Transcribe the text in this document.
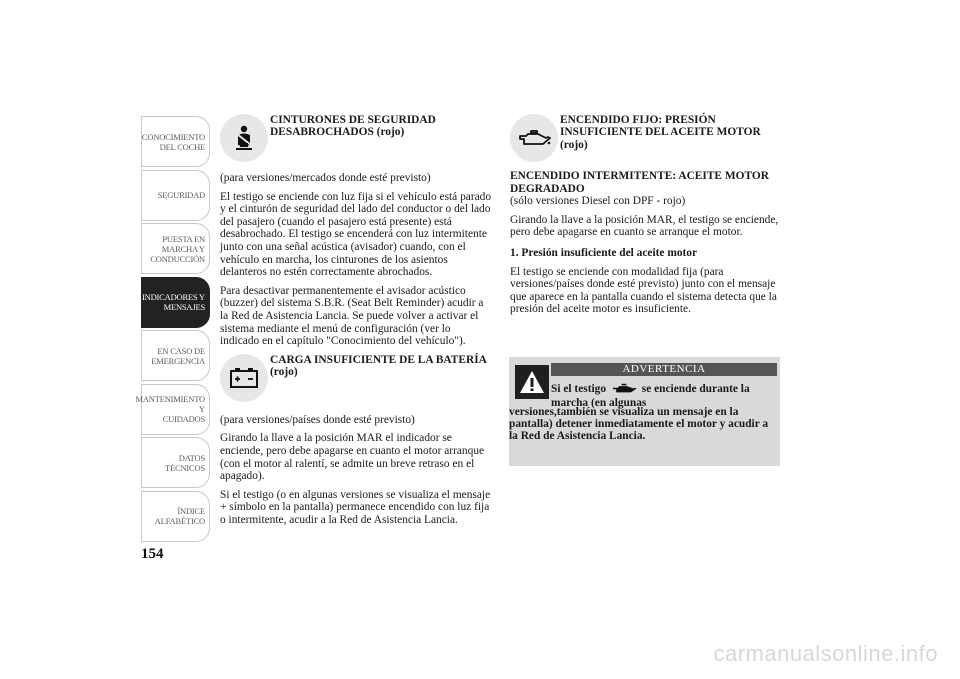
CONOCIMIENTO
DEL COCHE
SEGURIDAD
PUESTA EN
MARCHA Y
CONDUCCIÓN
INDICADORES Y
MENSAJES
EN CASO DE
EMERGENCIA
MANTENIMIENTO Y
CUIDADOS
DATOS TÉCNICOS
ÍNDICE
ALFABÉTICO
154
CINTURONES DE SEGURIDAD DESABROCHADOS (rojo)

(para versiones/mercados donde esté previsto)

El testigo se enciende con luz fija si el vehículo está parado y el cinturón de seguridad del lado del conductor o del lado del pasajero (cuando el pasajero está presente) está desabrochado. El testigo se encenderá con luz intermitente junto con una señal acústica (avisador) cuando, con el vehículo en marcha, los cinturones de los asientos delanteros no estén correctamente abrochados.

Para desactivar permanentemente el avisador acústico (buzzer) del sistema S.B.R. (Seat Belt Reminder) acudir a la Red de Asistencia Lancia. Se puede volver a activar el sistema mediante el menú de configuración (ver lo indicado en el capítulo "Conocimiento del vehículo").

CARGA INSUFICIENTE DE LA BATERÍA (rojo)

(para versiones/países donde esté previsto)

Girando la llave a la posición MAR el indicador se enciende, pero debe apagarse en cuanto el motor arranque (con el motor al ralentí, se admite un breve retraso en el apagado).

Si el testigo (o en algunas versiones se visualiza el mensaje + símbolo en la pantalla) permanece encendido con luz fija o intermitente, acudir a la Red de Asistencia Lancia.

ENCENDIDO FIJO: PRESIÓN INSUFICIENTE DEL ACEITE MOTOR (rojo)

ENCENDIDO INTERMITENTE: ACEITE MOTOR DEGRADADO

(sólo versiones Diesel con DPF - rojo)

Girando la llave a la posición MAR, el testigo se enciende, pero debe apagarse en cuanto se arranque el motor.

1. Presión insuficiente del aceite motor

El testigo se enciende con modalidad fija (para versiones/países donde esté previsto) junto con el mensaje que aparece en la pantalla cuando el sistema detecta que la presión del aceite motor es insuficiente.

ADVERTENCIA
Si el testigo	se enciende durante la marcha (en algunas
versiones,también se visualiza un mensaje en la pantalla) detener inmediatamente el motor y acudir a la Red de Asistencia Lancia.
carmanualsonline.info
